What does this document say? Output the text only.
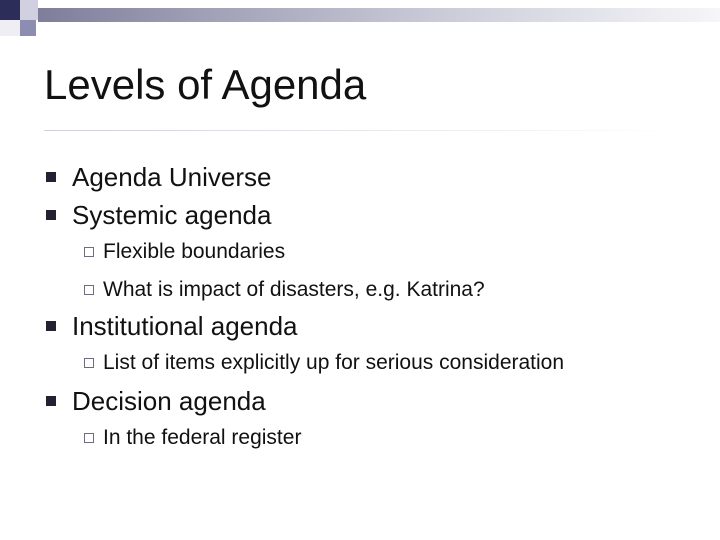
Levels of Agenda
Agenda Universe
Systemic agenda
Flexible boundaries
What is impact of disasters, e.g. Katrina?
Institutional agenda
List of items explicitly up for serious consideration
Decision agenda
In the federal register
